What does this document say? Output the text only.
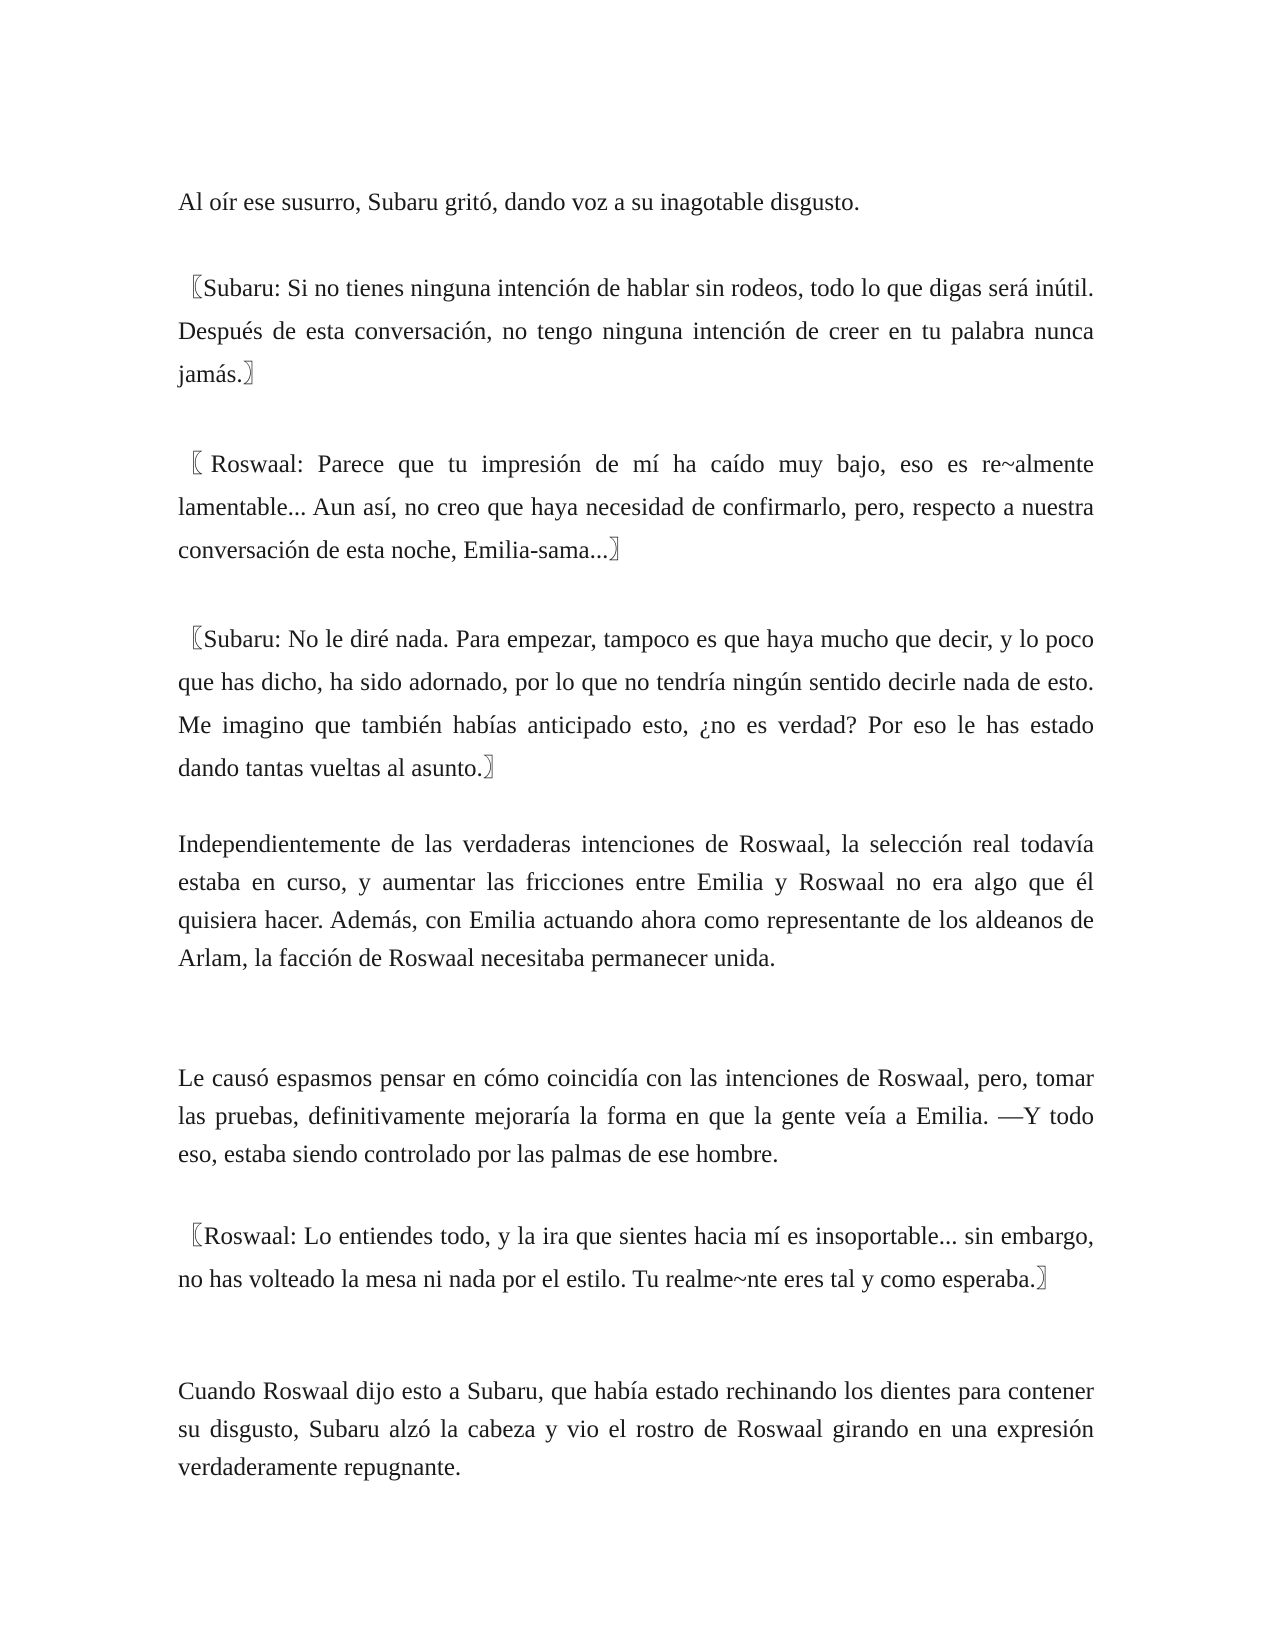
Al oír ese susurro, Subaru gritó, dando voz a su inagotable disgusto.

〖Subaru: Si no tienes ninguna intención de hablar sin rodeos, todo lo que digas será inútil. Después de esta conversación, no tengo ninguna intención de creer en tu palabra nunca jamás.〗

〖Roswaal: Parece que tu impresión de mí ha caído muy bajo, eso es re~almente lamentable... Aun así, no creo que haya necesidad de confirmarlo, pero, respecto a nuestra conversación de esta noche, Emilia-sama...〗

〖Subaru: No le diré nada. Para empezar, tampoco es que haya mucho que decir, y lo poco que has dicho, ha sido adornado, por lo que no tendría ningún sentido decirle nada de esto. Me imagino que también habías anticipado esto, ¿no es verdad? Por eso le has estado dando tantas vueltas al asunto.〗

Independientemente de las verdaderas intenciones de Roswaal, la selección real todavía estaba en curso, y aumentar las fricciones entre Emilia y Roswaal no era algo que él quisiera hacer. Además, con Emilia actuando ahora como representante de los aldeanos de Arlam, la facción de Roswaal necesitaba permanecer unida.

Le causó espasmos pensar en cómo coincidía con las intenciones de Roswaal, pero, tomar las pruebas, definitivamente mejoraría la forma en que la gente veía a Emilia. —Y todo eso, estaba siendo controlado por las palmas de ese hombre.

〖Roswaal: Lo entiendes todo, y la ira que sientes hacia mí es insoportable... sin embargo, no has volteado la mesa ni nada por el estilo. Tu realme~nte eres tal y como esperaba.〗

Cuando Roswaal dijo esto a Subaru, que había estado rechinando los dientes para contener su disgusto, Subaru alzó la cabeza y vio el rostro de Roswaal girando en una expresión verdaderamente repugnante.
